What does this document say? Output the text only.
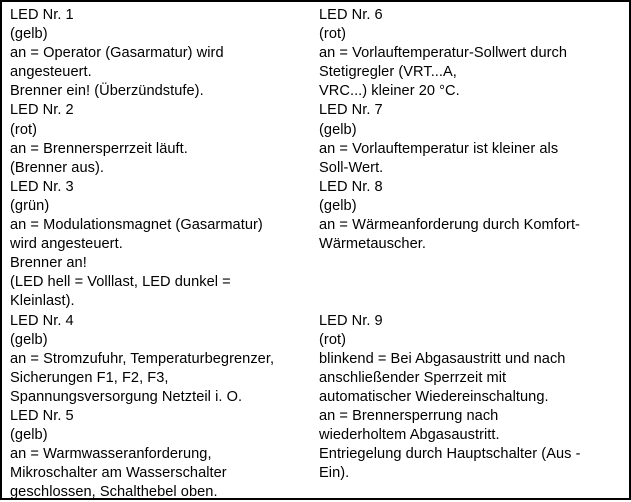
LED Nr. 1
(gelb)
an = Operator (Gasarmatur) wird
angesteuert.
Brenner ein! (Überzündstufe).
LED Nr. 2
(rot)
an = Brennersperrzeit läuft.
(Brenner aus).
LED Nr. 3
(grün)
an = Modulationsmagnet (Gasarmatur)
wird angesteuert.
Brenner an!
(LED hell = Volllast, LED dunkel =
Kleinlast).
LED Nr. 4
(gelb)
an = Stromzufuhr, Temperaturbegrenzer,
Sicherungen F1, F2, F3,
Spannungsversorgung Netzteil i. O.
LED Nr. 5
(gelb)
an = Warmwasseranforderung,
Mikroschalter am Wasserschalter
geschlossen, Schalthebel oben.
LED Nr. 6
(rot)
an = Vorlauftemperatur-Sollwert durch
Stetigregler (VRT...A,
VRC...) kleiner 20 °C.
LED Nr. 7
(gelb)
an = Vorlauftemperatur ist kleiner als
Soll-Wert.
LED Nr. 8
(gelb)
an = Wärmeanforderung durch Komfort-
Wärmetauscher.
LED Nr. 9
(rot)
blinkend = Bei Abgasaustritt und nach
anschließender Sperrzeit mit
automatischer Wiedereinschaltung.
an = Brennersperrung nach
wiederholtem Abgasaustritt.
Entriegelung durch Hauptschalter (Aus -
Ein).
